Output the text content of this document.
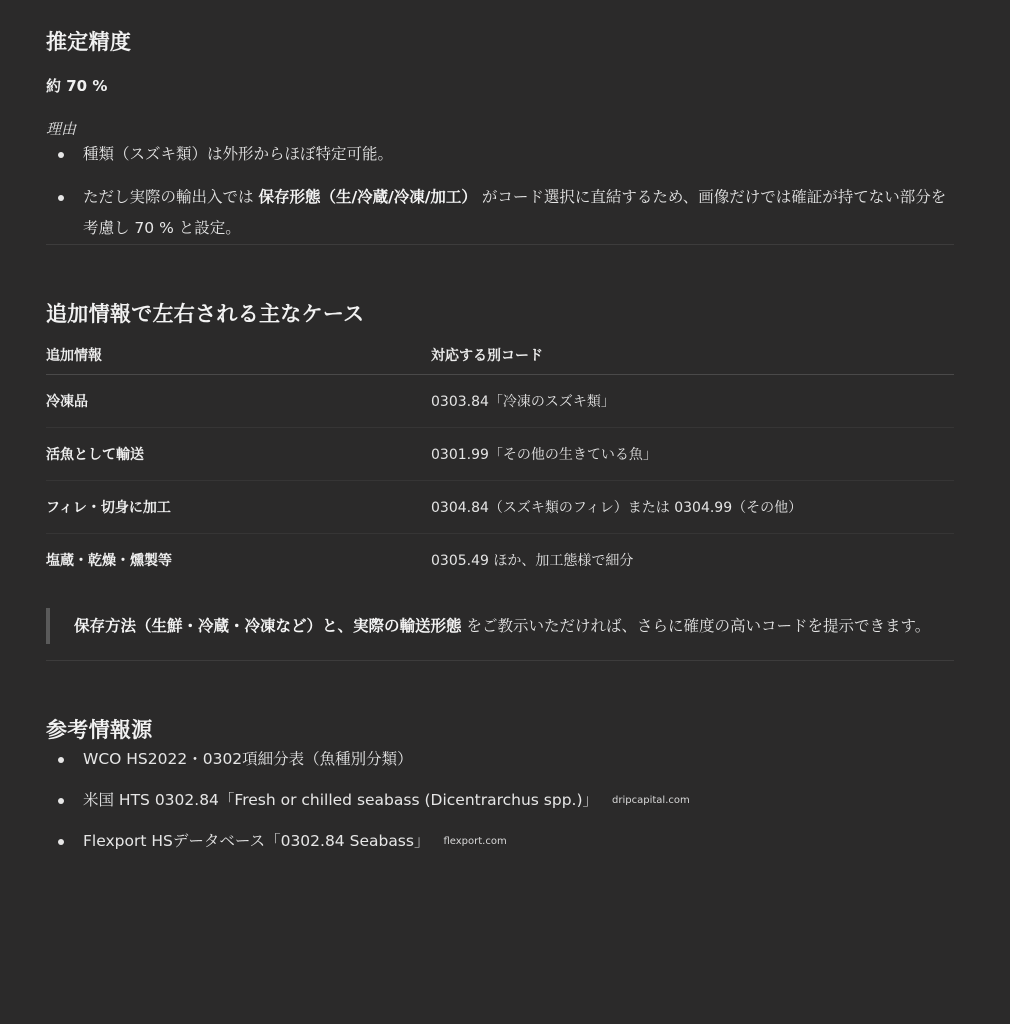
推定精度
約 70 %
理由
種類（スズキ類）は外形からほぼ特定可能。
ただし実際の輸出入では 保存形態（生/冷蔵/冷凍/加工） がコード選択に直結するため、画像だけでは確証が持てない部分を考慮し 70 % と設定。
追加情報で左右される主なケース
追加情報	対応する別コード
冷凍品	0303.84「冷凍のスズキ類」
活魚として輸送	0301.99「その他の生きている魚」
フィレ・切身に加工	0304.84（スズキ類のフィレ）または 0304.99（その他）
塩蔵・乾燥・燻製等	0305.49 ほか、加工態様で細分
保存方法（生鮮・冷蔵・冷凍など）と、実際の輸送形態 をご教示いただければ、さらに確度の高いコードを提示できます。
参考情報源
WCO HS2022・0302項細分表（魚種別分類）
米国 HTS 0302.84「Fresh or chilled seabass (Dicentrarchus spp.)」 dripcapital.com
Flexport HSデータベース「0302.84 Seabass」 flexport.com
